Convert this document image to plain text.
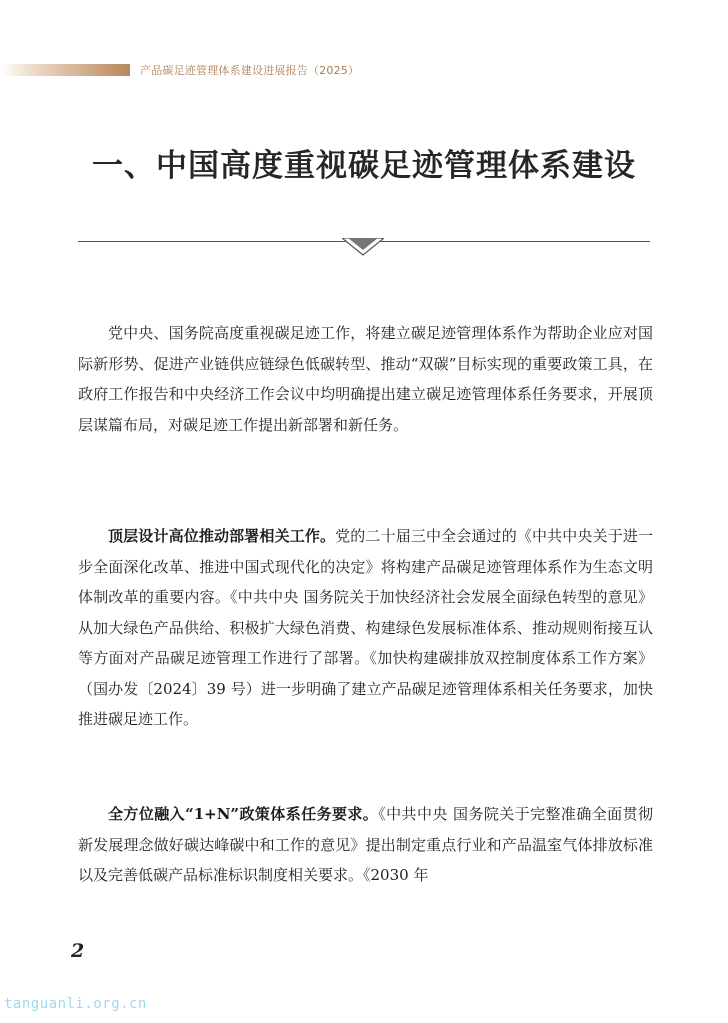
产品碳足迹管理体系建设进展报告（2025）
一、中国高度重视碳足迹管理体系建设

党中央、国务院高度重视碳足迹工作，将建立碳足迹管理体系作为帮助企业应对国际新形势、促进产业链供应链绿色低碳转型、推动“双碳”目标实现的重要政策工具，在政府工作报告和中央经济工作会议中均明确提出建立碳足迹管理体系任务要求，开展顶层谋篇布局，对碳足迹工作提出新部署和新任务。

顶层设计高位推动部署相关工作。党的二十届三中全会通过的《中共中央关于进一步全面深化改革、推进中国式现代化的决定》将构建产品碳足迹管理体系作为生态文明体制改革的重要内容。《中共中央 国务院关于加快经济社会发展全面绿色转型的意见》从加大绿色产品供给、积极扩大绿色消费、构建绿色发展标准体系、推动规则衔接互认等方面对产品碳足迹管理工作进行了部署。《加快构建碳排放双控制度体系工作方案》（国办发〔2024〕39 号）进一步明确了建立产品碳足迹管理体系相关任务要求，加快推进碳足迹工作。

全方位融入“1+N”政策体系任务要求。《中共中央 国务院关于完整准确全面贯彻新发展理念做好碳达峰碳中和工作的意见》提出制定重点行业和产品温室气体排放标准以及完善低碳产品标准标识制度相关要求。《2030 年

2
tanguanli.org.cn
